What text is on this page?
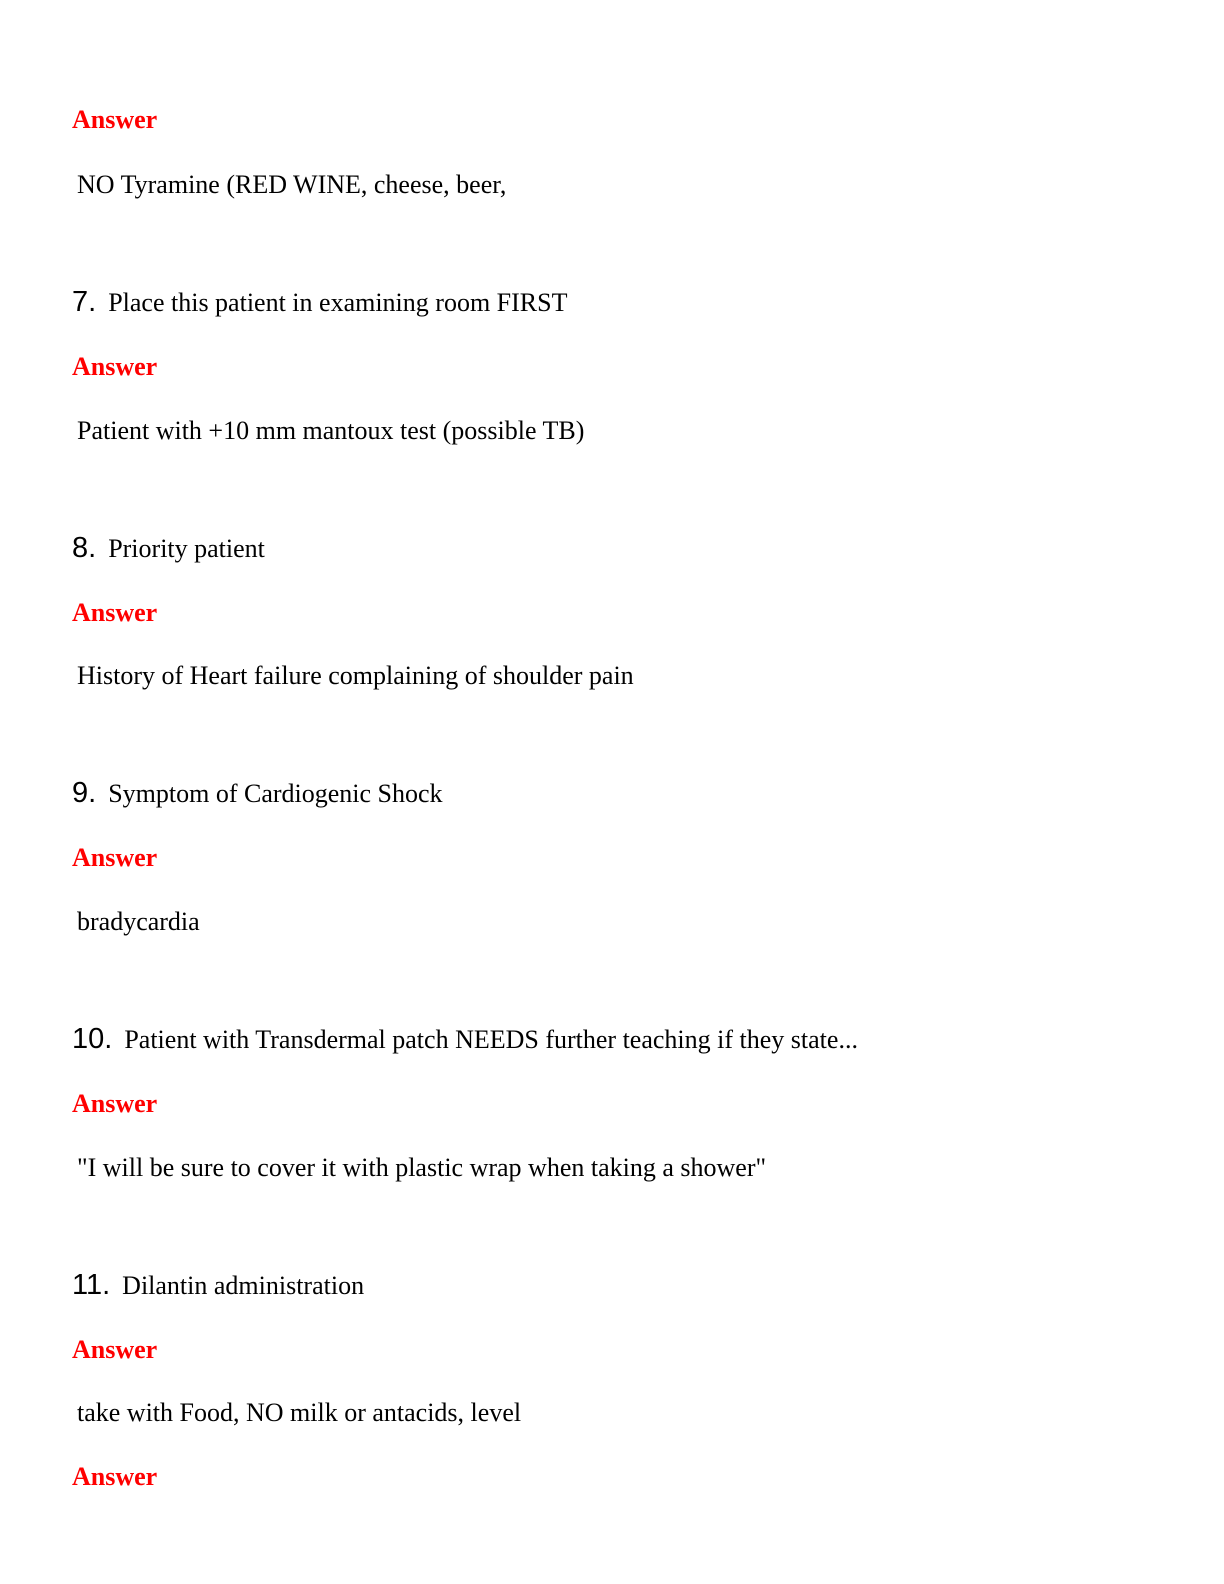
Answer
NO Tyramine (RED WINE, cheese, beer,
7. Place this patient in examining room FIRST
Answer
Patient with +10 mm mantoux test (possible TB)
8. Priority patient
Answer
History of Heart failure complaining of shoulder pain
9. Symptom of Cardiogenic Shock
Answer
bradycardia
10. Patient with Transdermal patch NEEDS further teaching if they state...
Answer
"I will be sure to cover it with plastic wrap when taking a shower"
11. Dilantin administration
Answer
take with Food, NO milk or antacids, level
Answer
